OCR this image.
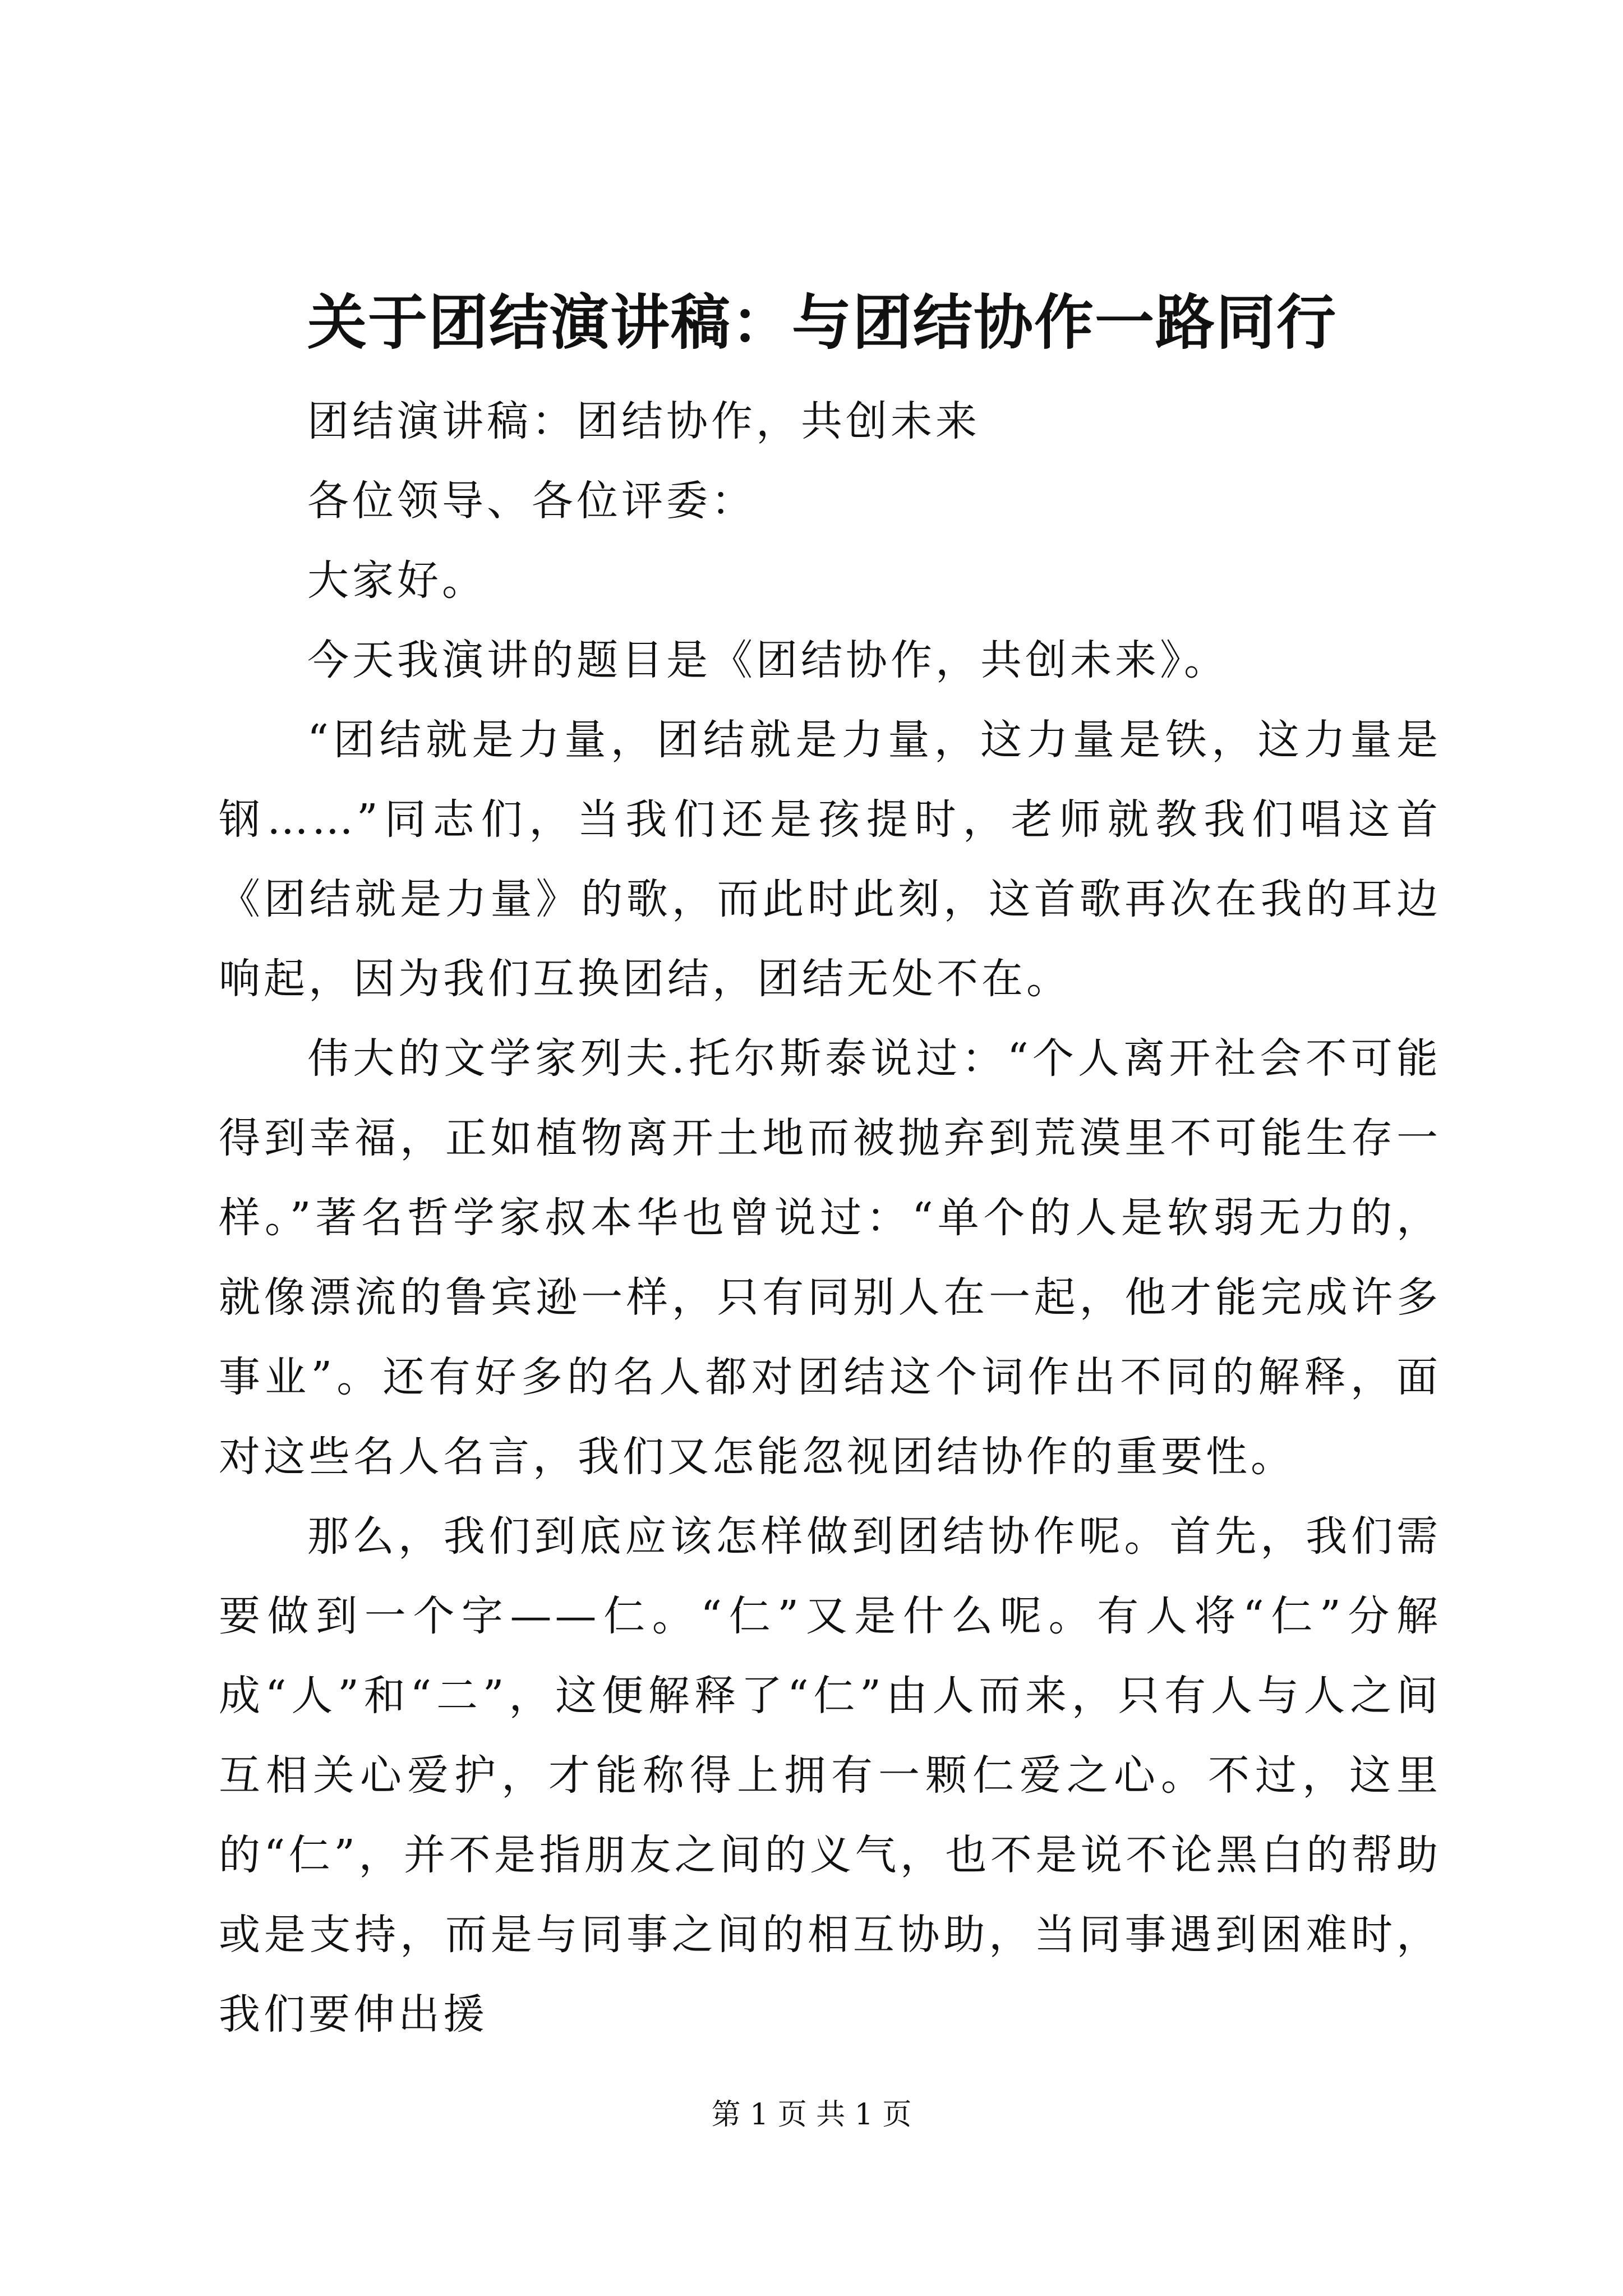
关于团结演讲稿：与团结协作一路同行

团结演讲稿：团结协作，共创未来

各位领导、各位评委：

大家好。

今天我演讲的题目是《团结协作，共创未来》。

“团结就是力量，团结就是力量，这力量是铁，这力量是钢……”同志们，当我们还是孩提时，老师就教我们唱这首《团结就是力量》的歌，而此时此刻，这首歌再次在我的耳边响起，因为我们互换团结，团结无处不在。

伟大的文学家列夫.托尔斯泰说过：“个人离开社会不可能得到幸福，正如植物离开土地而被抛弃到荒漠里不可能生存一样。”著名哲学家叔本华也曾说过：“单个的人是软弱无力的，就像漂流的鲁宾逊一样，只有同别人在一起，他才能完成许多事业”。还有好多的名人都对团结这个词作出不同的解释，面对这些名人名言，我们又怎能忽视团结协作的重要性。

那么，我们到底应该怎样做到团结协作呢。首先，我们需要做到一个字——仁。“仁”又是什么呢。有人将“仁”分解成“人”和“二”，这便解释了“仁”由人而来，只有人与人之间互相关心爱护，才能称得上拥有一颗仁爱之心。不过，这里的“仁”，并不是指朋友之间的义气，也不是说不论黑白的帮助或是支持，而是与同事之间的相互协助，当同事遇到困难时，我们要伸出援

第 1 页 共 1 页
